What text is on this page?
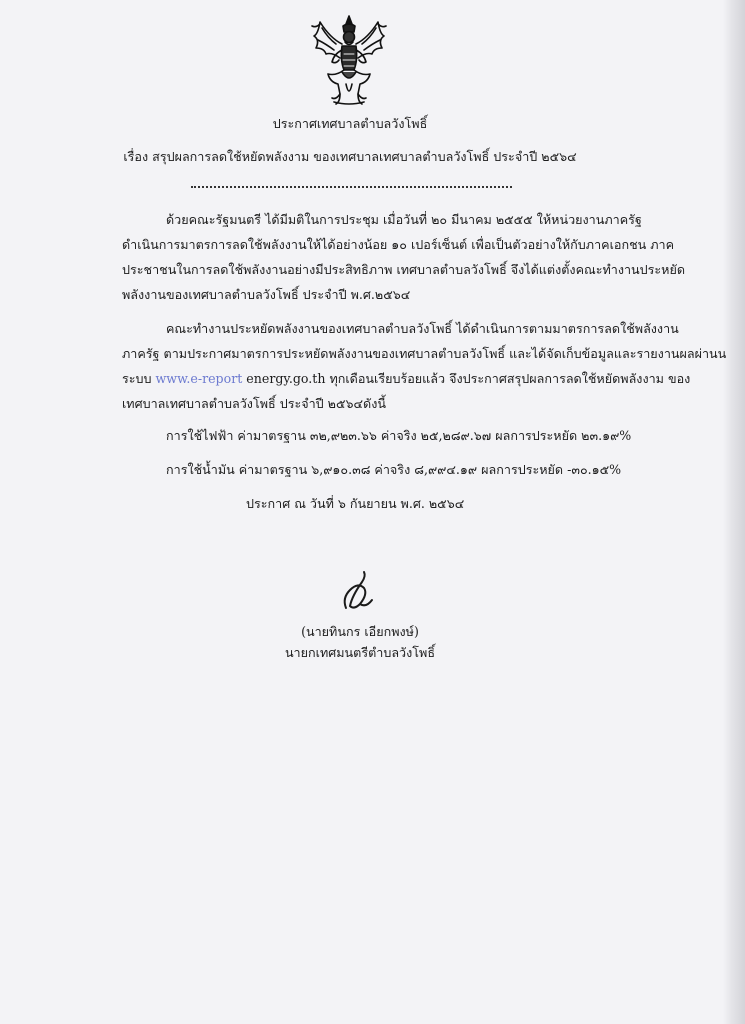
ประกาศเทศบาลตำบลวังโพธิ์
เรื่อง สรุปผลการลดใช้หยัดพลังงาม ของเทศบาลเทศบาลตำบลวังโพธิ์ ประจำปี ๒๕๖๔
ด้วยคณะรัฐมนตรี ได้มีมติในการประชุม เมื่อวันที่ ๒๐ มีนาคม ๒๕๕๕ ให้หน่วยงานภาครัฐ
ดำเนินการมาตรการลดใช้พลังงานให้ได้อย่างน้อย ๑๐ เปอร์เซ็นต์ เพื่อเป็นตัวอย่างให้กับภาคเอกชน ภาค
ประชาชนในการลดใช้พลังงานอย่างมีประสิทธิภาพ เทศบาลตำบลวังโพธิ์ จึงได้แต่งตั้งคณะทำงานประหยัด
พลังงานของเทศบาลตำบลวังโพธิ์ ประจำปี พ.ศ.๒๕๖๔
คณะทำงานประหยัดพลังงานของเทศบาลตำบลวังโพธิ์ ได้ดำเนินการตามมาตรการลดใช้พลังงาน
ภาครัฐ ตามประกาศมาตรการประหยัดพลังงานของเทศบาลตำบลวังโพธิ์ และได้จัดเก็บข้อมูลและรายงานผลผ่านน
ระบบ www.e-report energy.go.th ทุกเดือนเรียบร้อยแล้ว จึงประกาศสรุปผลการลดใช้หยัดพลังงาม ของ
เทศบาลเทศบาลตำบลวังโพธิ์ ประจำปี ๒๕๖๔ดังนี้
การใช้ไฟฟ้า ค่ามาตรฐาน ๓๒,๙๒๓.๖๖ ค่าจริง ๒๕,๒๘๙.๖๗ ผลการประหยัด ๒๓.๑๙%
การใช้น้ำมัน ค่ามาตรฐาน ๖,๙๑๐.๓๘ ค่าจริง ๘,๙๙๔.๑๙ ผลการประหยัด -๓๐.๑๕%
ประกาศ ณ วันที่ ๖ กันยายน พ.ศ. ๒๕๖๔
(นายทินกร เอียกพงษ์)
นายกเทศมนตรีตำบลวังโพธิ์
